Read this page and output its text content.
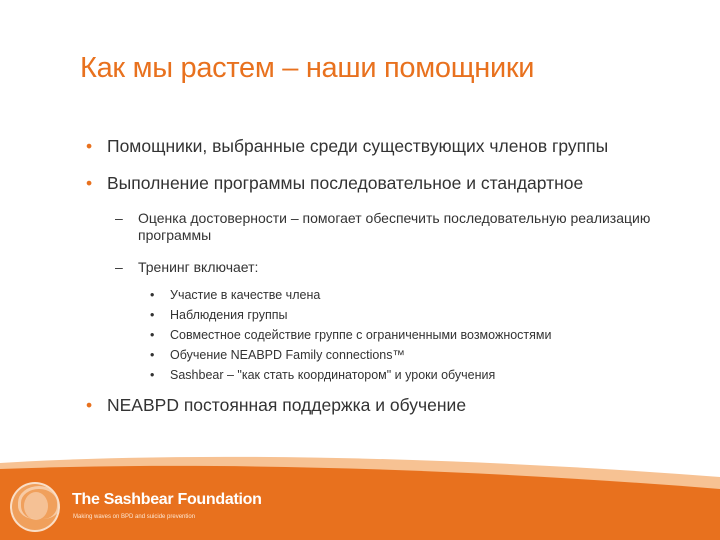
Как мы растем – наши помощники
• Помощники, выбранные среди существующих членов группы
• Выполнение программы последовательное и стандартное
– Оценка достоверности – помогает обеспечить последовательную реализацию программы
– Тренинг включает:
• Участие в качестве члена
• Наблюдения группы
• Совместное содействие группе с ограниченными возможностями
• Обучение NEABPD Family connections™
• Sashbear – "как стать координатором" и уроки обучения
• NEABPD постоянная поддержка и обучение
The Sashbear Foundation
Making waves on BPD and suicide prevention
